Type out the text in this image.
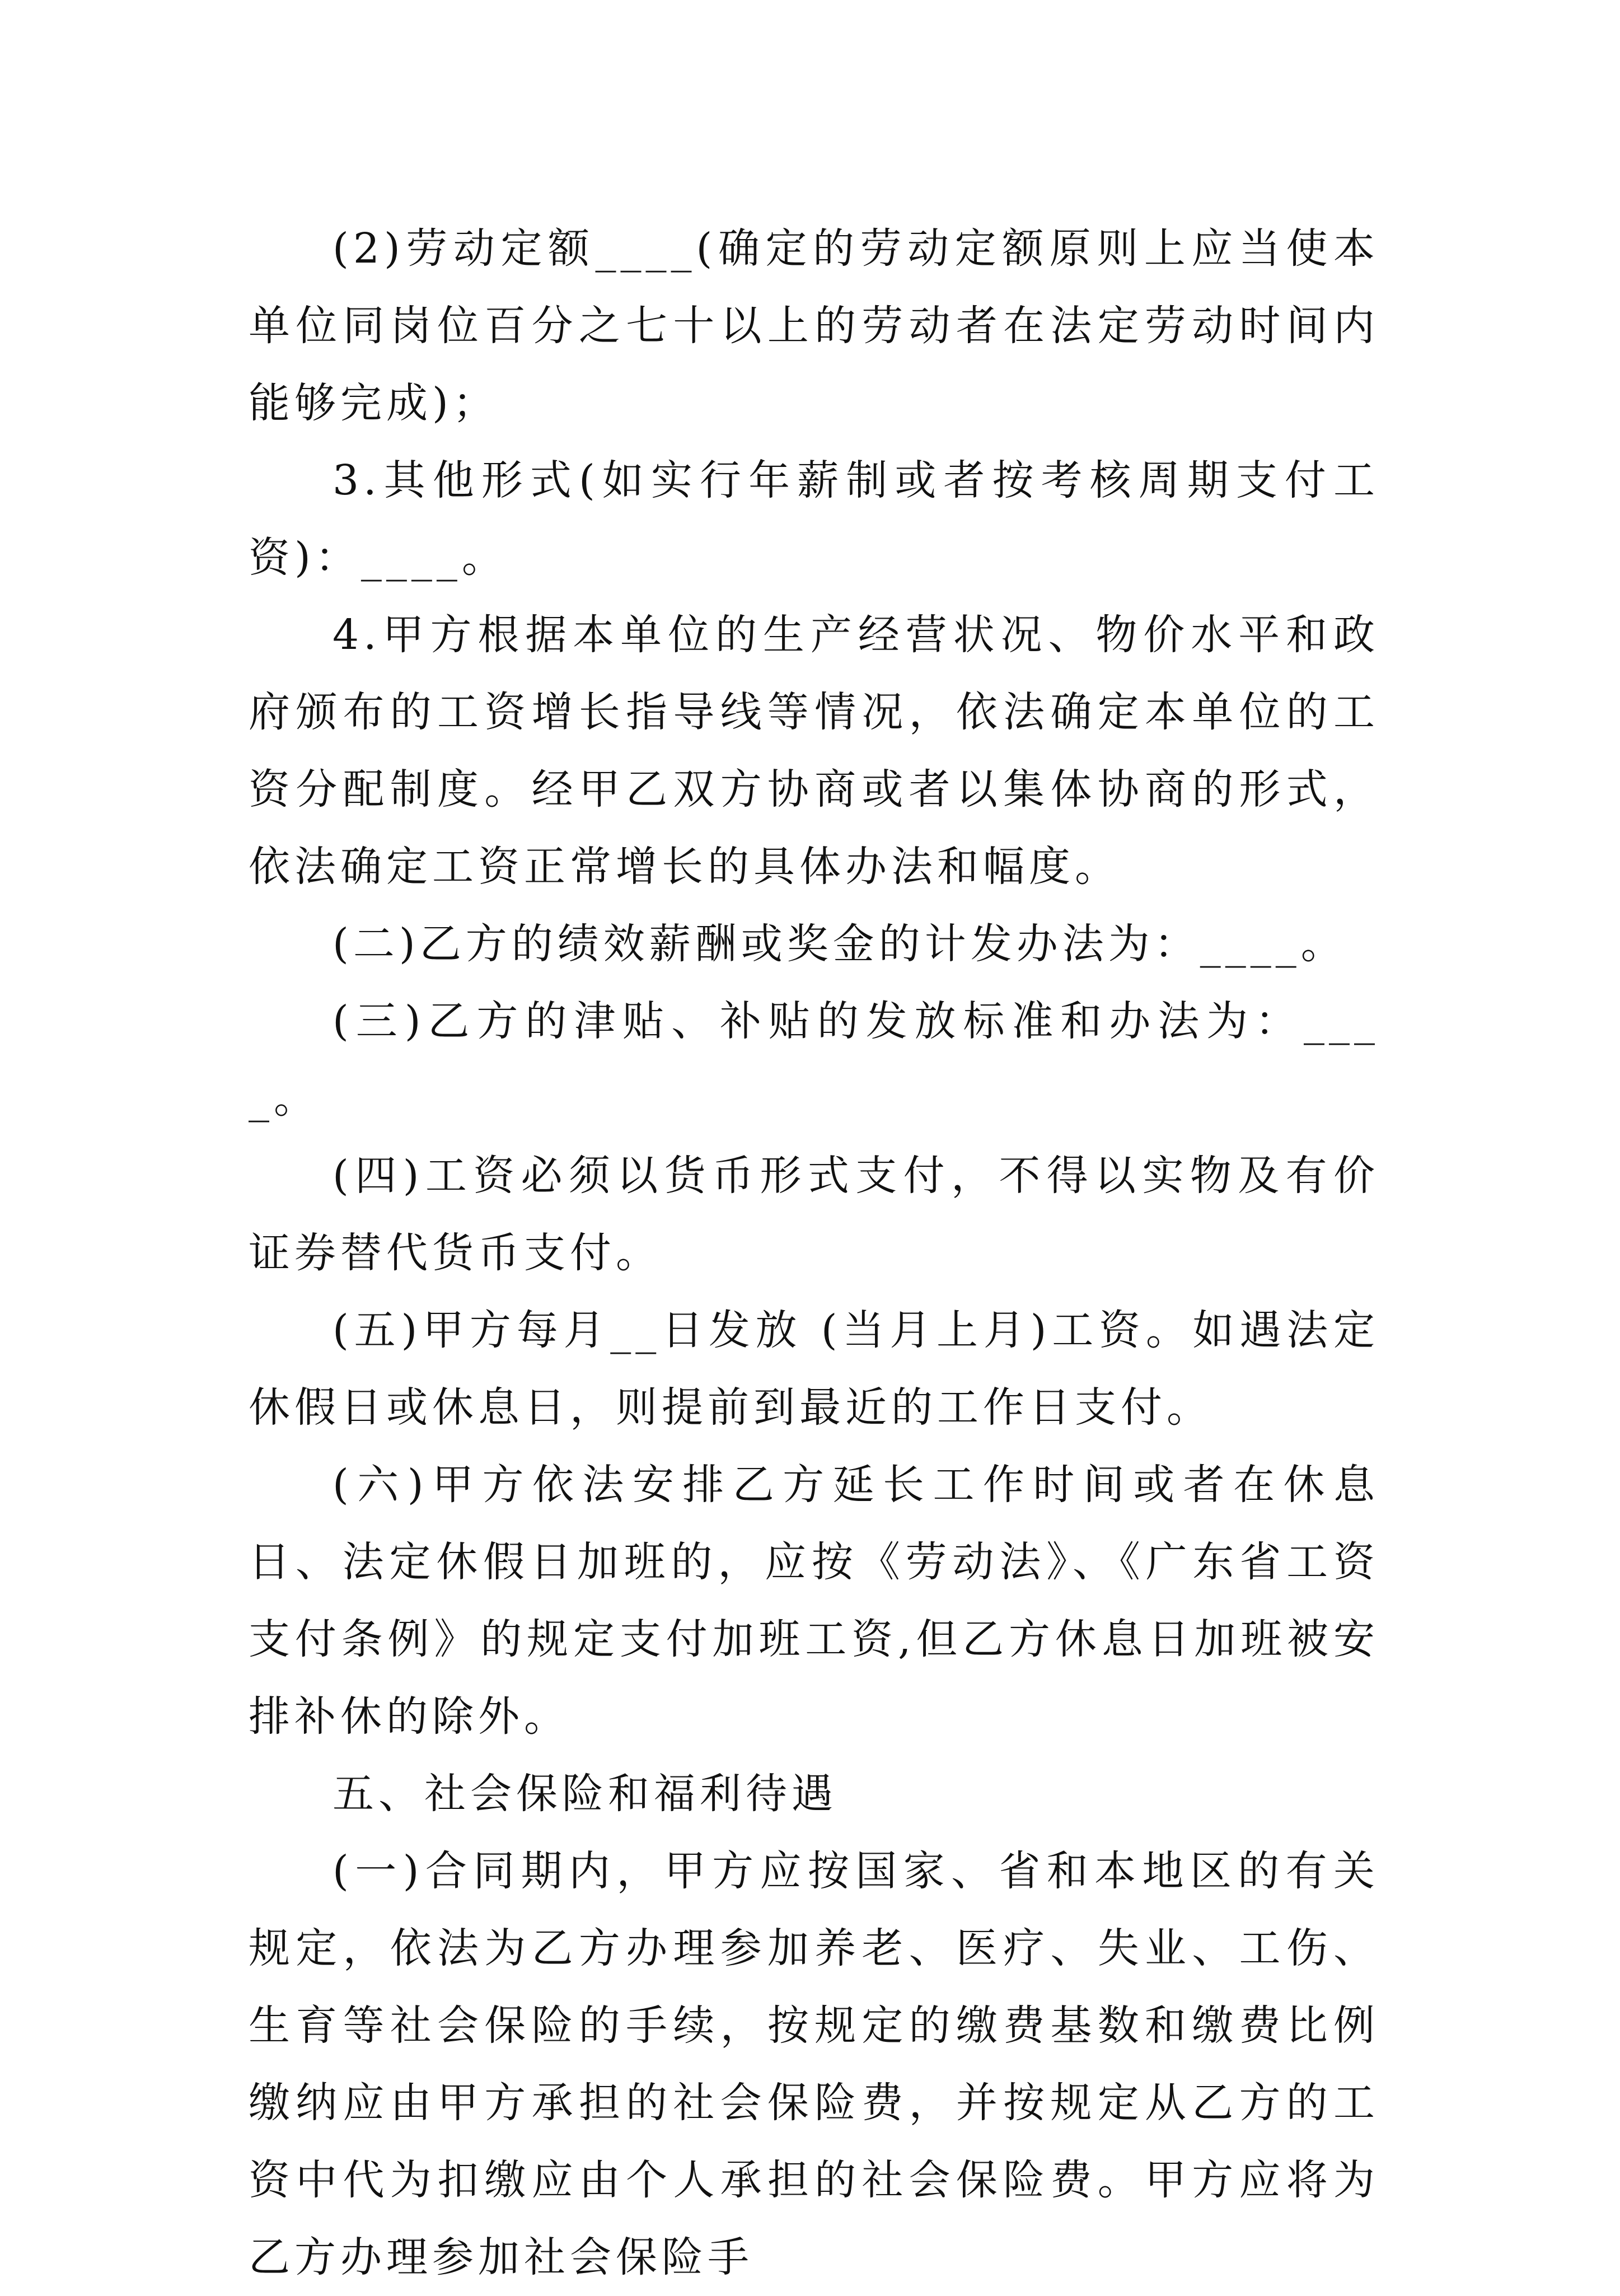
(2)劳动定额____(确定的劳动定额原则上应当使本单位同岗位百分之七十以上的劳动者在法定劳动时间内能够完成)；

3.其他形式(如实行年薪制或者按考核周期支付工资)：____。

4.甲方根据本单位的生产经营状况、物价水平和政府颁布的工资增长指导线等情况，依法确定本单位的工资分配制度。经甲乙双方协商或者以集体协商的形式，依法确定工资正常增长的具体办法和幅度。

(二)乙方的绩效薪酬或奖金的计发办法为：____。

(三)乙方的津贴、补贴的发放标准和办法为：____。

(四)工资必须以货币形式支付，不得以实物及有价证券替代货币支付。

(五)甲方每月__日发放 (当月上月)工资。如遇法定休假日或休息日，则提前到最近的工作日支付。

(六)甲方依法安排乙方延长工作时间或者在休息日、法定休假日加班的，应按《劳动法》、《广东省工资支付条例》的规定支付加班工资,但乙方休息日加班被安排补休的除外。

五、社会保险和福利待遇

(一)合同期内，甲方应按国家、省和本地区的有关规定，依法为乙方办理参加养老、医疗、失业、工伤、生育等社会保险的手续，按规定的缴费基数和缴费比例缴纳应由甲方承担的社会保险费，并按规定从乙方的工资中代为扣缴应由个人承担的社会保险费。甲方应将为乙方办理参加社会保险手
